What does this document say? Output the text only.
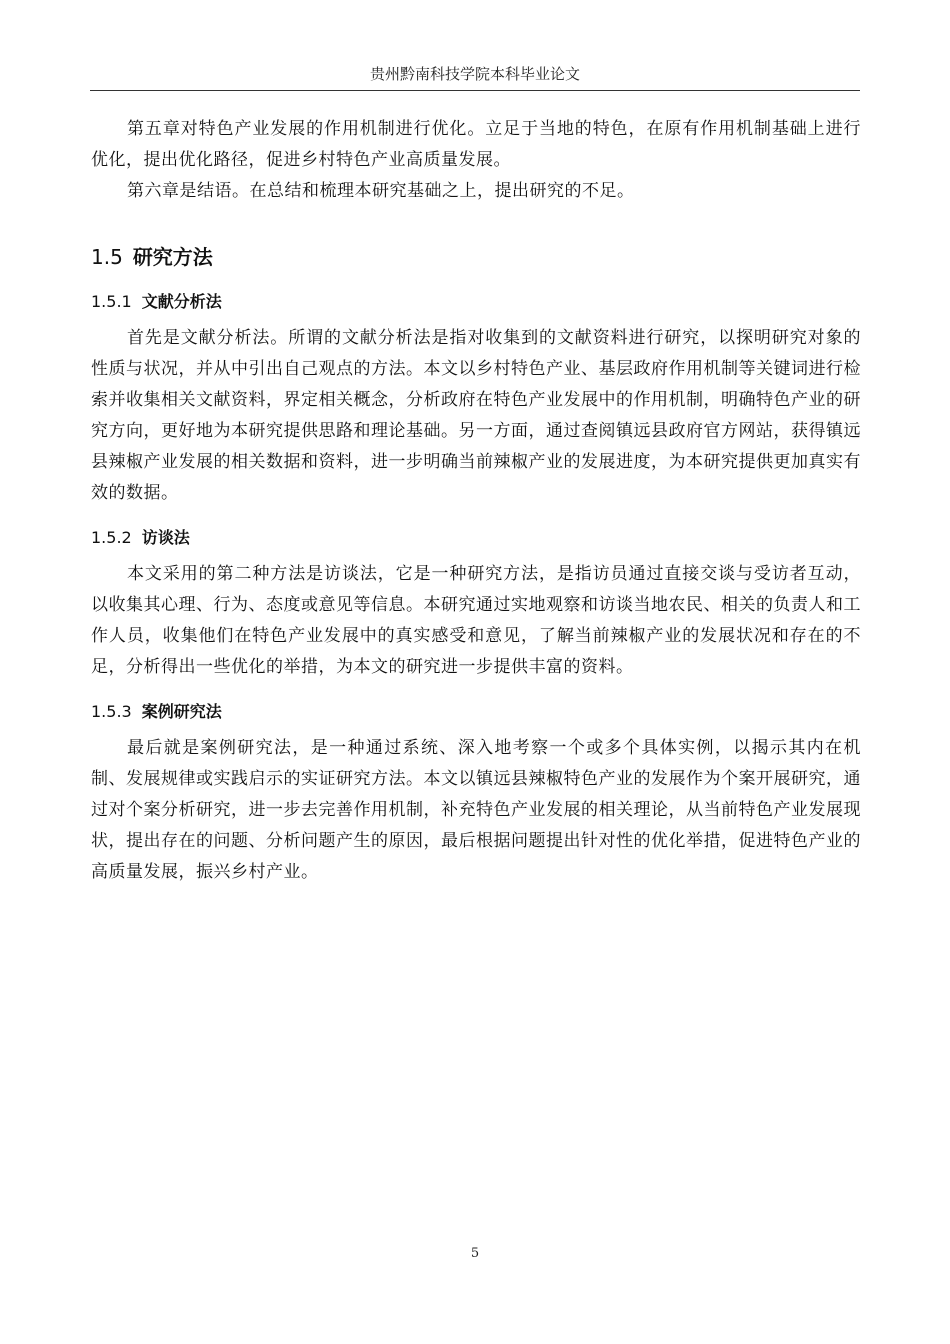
贵州黔南科技学院本科毕业论文

第五章对特色产业发展的作用机制进行优化。立足于当地的特色，在原有作用机制基础上进行优化，提出优化路径，促进乡村特色产业高质量发展。

第六章是结语。在总结和梳理本研究基础之上，提出研究的不足。

1.5 研究方法
1.5.1 文献分析法

首先是文献分析法。所谓的文献分析法是指对收集到的文献资料进行研究，以探明研究对象的性质与状况，并从中引出自己观点的方法。本文以乡村特色产业、基层政府作用机制等关键词进行检索并收集相关文献资料，界定相关概念，分析政府在特色产业发展中的作用机制，明确特色产业的研究方向，更好地为本研究提供思路和理论基础。另一方面，通过查阅镇远县政府官方网站，获得镇远县辣椒产业发展的相关数据和资料，进一步明确当前辣椒产业的发展进度，为本研究提供更加真实有效的数据。

1.5.2 访谈法

本文采用的第二种方法是访谈法，它是一种研究方法，是指访员通过直接交谈与受访者互动，以收集其心理、行为、态度或意见等信息。本研究通过实地观察和访谈当地农民、相关的负责人和工作人员，收集他们在特色产业发展中的真实感受和意见，了解当前辣椒产业的发展状况和存在的不足，分析得出一些优化的举措，为本文的研究进一步提供丰富的资料。

1.5.3 案例研究法

最后就是案例研究法，是一种通过系统、深入地考察一个或多个具体实例，以揭示其内在机制、发展规律或实践启示的实证研究方法。本文以镇远县辣椒特色产业的发展作为个案开展研究，通过对个案分析研究，进一步去完善作用机制，补充特色产业发展的相关理论，从当前特色产业发展现状，提出存在的问题、分析问题产生的原因，最后根据问题提出针对性的优化举措，促进特色产业的高质量发展，振兴乡村产业。

5
